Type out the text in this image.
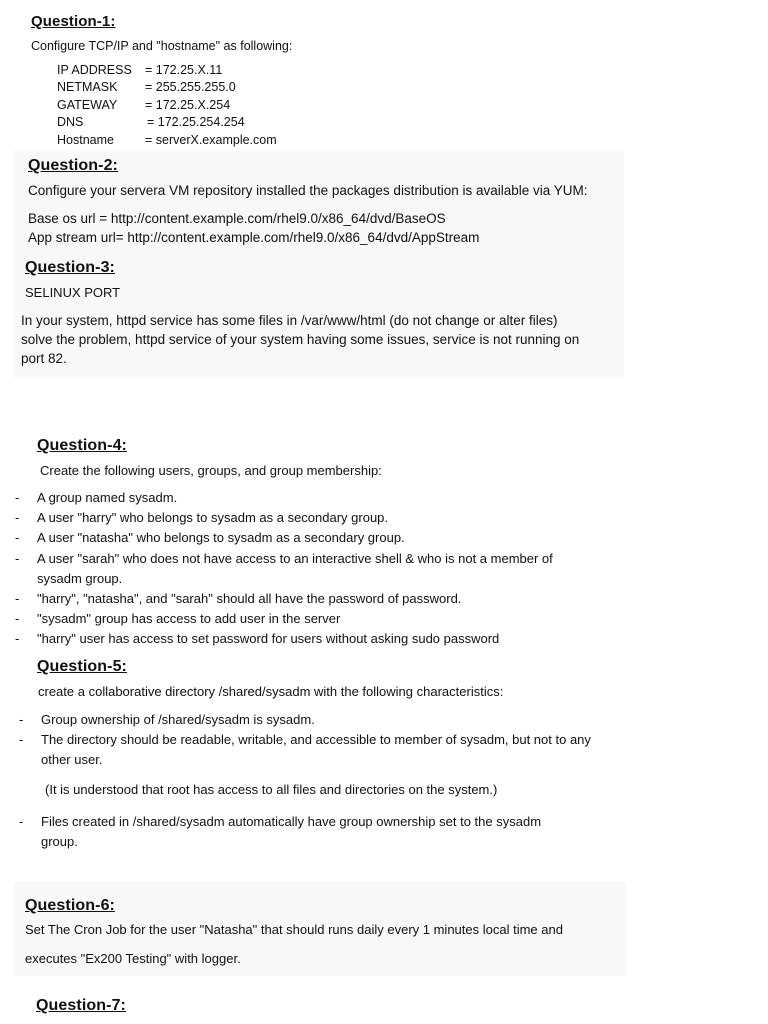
Question-1:
Configure TCP/IP and "hostname" as following:
IP ADDRESS	= 172.25.X.11
NETMASK	= 255.255.255.0
GATEWAY	= 172.25.X.254
DNS	= 172.25.254.254
Hostname	= serverX.example.com
Question-2:
Configure your servera VM repository installed the packages distribution is available via YUM:
Base os url = http://content.example.com/rhel9.0/x86_64/dvd/BaseOS
App stream url= http://content.example.com/rhel9.0/x86_64/dvd/AppStream
Question-3:
SELINUX PORT
In your system, httpd service has some files in /var/www/html (do not change or alter files)
solve the problem, httpd service of your system having some issues, service is not running on
port 82.
Question-4:
Create the following users, groups, and group membership:
- A group named sysadm.
- A user "harry" who belongs to sysadm as a secondary group.
- A user "natasha" who belongs to sysadm as a secondary group.
- A user "sarah" who does not have access to an interactive shell & who is not a member of
sysadm group.
- "harry", "natasha", and "sarah" should all have the password of password.
- "sysadm" group has access to add user in the server
- "harry" user has access to set password for users without asking sudo password
Question-5:
create a collaborative directory /shared/sysadm with the following characteristics:
- Group ownership of /shared/sysadm is sysadm.
- The directory should be readable, writable, and accessible to member of sysadm, but not to any
other user.
(It is understood that root has access to all files and directories on the system.)
- Files created in /shared/sysadm automatically have group ownership set to the sysadm
group.
Question-6:
Set The Cron Job for the user "Natasha" that should runs daily every 1 minutes local time and
executes "Ex200 Testing" with logger.
Question-7:
